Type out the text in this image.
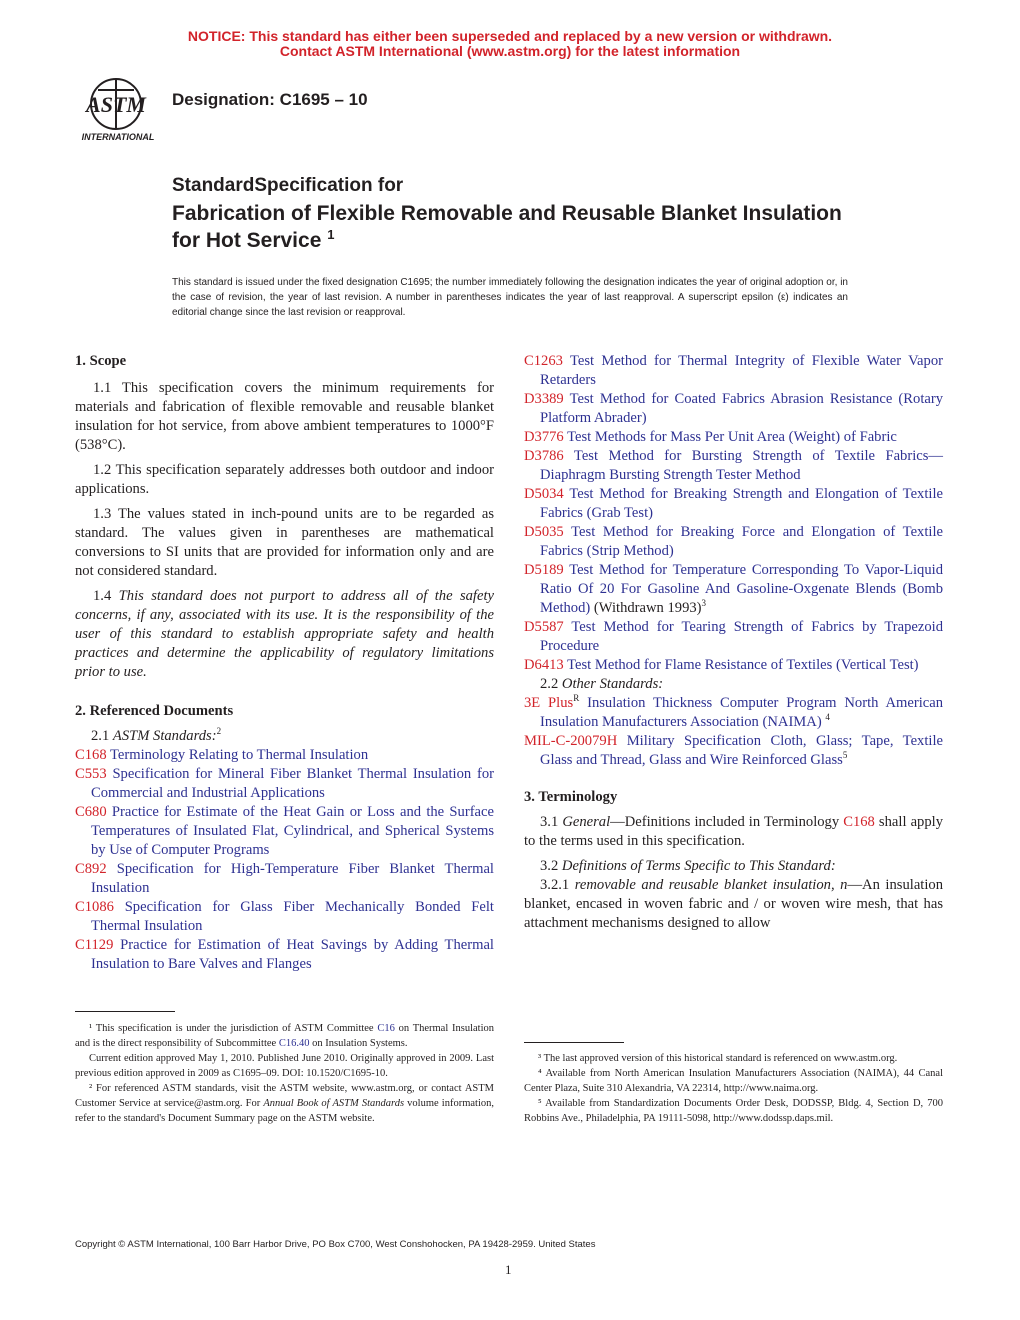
NOTICE: This standard has either been superseded and replaced by a new version or withdrawn.
Contact ASTM International (www.astm.org) for the latest information
ASTM
INTERNATIONAL
Designation: C1695 – 10
StandardSpecification for
Fabrication of Flexible Removable and Reusable Blanket Insulation for Hot Service $^1$
This standard is issued under the fixed designation C1695; the number immediately following the designation indicates the year of original adoption or, in the case of revision, the year of last revision. A number in parentheses indicates the year of last reapproval. A superscript epsilon (ε) indicates an editorial change since the last revision or reapproval.

1. Scope

1.1 This specification covers the minimum requirements for materials and fabrication of flexible removable and reusable blanket insulation for hot service, from above ambient temperatures to 1000°F (538°C).

1.2 This specification separately addresses both outdoor and indoor applications.

1.3 The values stated in inch-pound units are to be regarded as standard. The values given in parentheses are mathematical conversions to SI units that are provided for information only and are not considered standard.

1.4 This standard does not purport to address all of the safety concerns, if any, associated with its use. It is the responsibility of the user of this standard to establish appropriate safety and health practices and determine the applicability of regulatory limitations prior to use.

2. Referenced Documents

2.1 ASTM Standards:$^2$

C168 Terminology Relating to Thermal Insulation

C553 Specification for Mineral Fiber Blanket Thermal Insulation for Commercial and Industrial Applications

C680 Practice for Estimate of the Heat Gain or Loss and the Surface Temperatures of Insulated Flat, Cylindrical, and Spherical Systems by Use of Computer Programs

C892 Specification for High-Temperature Fiber Blanket Thermal Insulation

C1086 Specification for Glass Fiber Mechanically Bonded Felt Thermal Insulation

C1129 Practice for Estimation of Heat Savings by Adding Thermal Insulation to Bare Valves and Flanges

C1263 Test Method for Thermal Integrity of Flexible Water Vapor Retarders

D3389 Test Method for Coated Fabrics Abrasion Resistance (Rotary Platform Abrader)

D3776 Test Methods for Mass Per Unit Area (Weight) of Fabric

D3786 Test Method for Bursting Strength of Textile Fabrics—Diaphragm Bursting Strength Tester Method

D5034 Test Method for Breaking Strength and Elongation of Textile Fabrics (Grab Test)

D5035 Test Method for Breaking Force and Elongation of Textile Fabrics (Strip Method)

D5189 Test Method for Temperature Corresponding To Vapor-Liquid Ratio Of 20 For Gasoline And Gasoline-Oxgenate Blends (Bomb Method) (Withdrawn 1993)$^3$

D5587 Test Method for Tearing Strength of Fabrics by Trapezoid Procedure

D6413 Test Method for Flame Resistance of Textiles (Vertical Test)

2.2 Other Standards:

3E Plus$^R$ Insulation Thickness Computer Program North American Insulation Manufacturers Association (NAIMA) $^4$

MIL-C-20079H Military Specification Cloth, Glass; Tape, Textile Glass and Thread, Glass and Wire Reinforced Glass$^5$

3. Terminology

3.1 General—Definitions included in Terminology C168 shall apply to the terms used in this specification.

3.2 Definitions of Terms Specific to This Standard:

3.2.1 removable and reusable blanket insulation, n—An insulation blanket, encased in woven fabric and / or woven wire mesh, that has attachment mechanisms designed to allow

¹ This specification is under the jurisdiction of ASTM Committee C16 on Thermal Insulation and is the direct responsibility of Subcommittee C16.40 on Insulation Systems.

Current edition approved May 1, 2010. Published June 2010. Originally approved in 2009. Last previous edition approved in 2009 as C1695–09. DOI: 10.1520/C1695-10.

² For referenced ASTM standards, visit the ASTM website, www.astm.org, or contact ASTM Customer Service at service@astm.org. For Annual Book of ASTM Standards volume information, refer to the standard's Document Summary page on the ASTM website.

³ The last approved version of this historical standard is referenced on www.astm.org.

⁴ Available from North American Insulation Manufacturers Association (NAIMA), 44 Canal Center Plaza, Suite 310 Alexandria, VA 22314, http://www.naima.org.

⁵ Available from Standardization Documents Order Desk, DODSSP, Bldg. 4, Section D, 700 Robbins Ave., Philadelphia, PA 19111-5098, http://www.dodssp.daps.mil.

Copyright © ASTM International, 100 Barr Harbor Drive, PO Box C700, West Conshohocken, PA 19428-2959. United States
1
